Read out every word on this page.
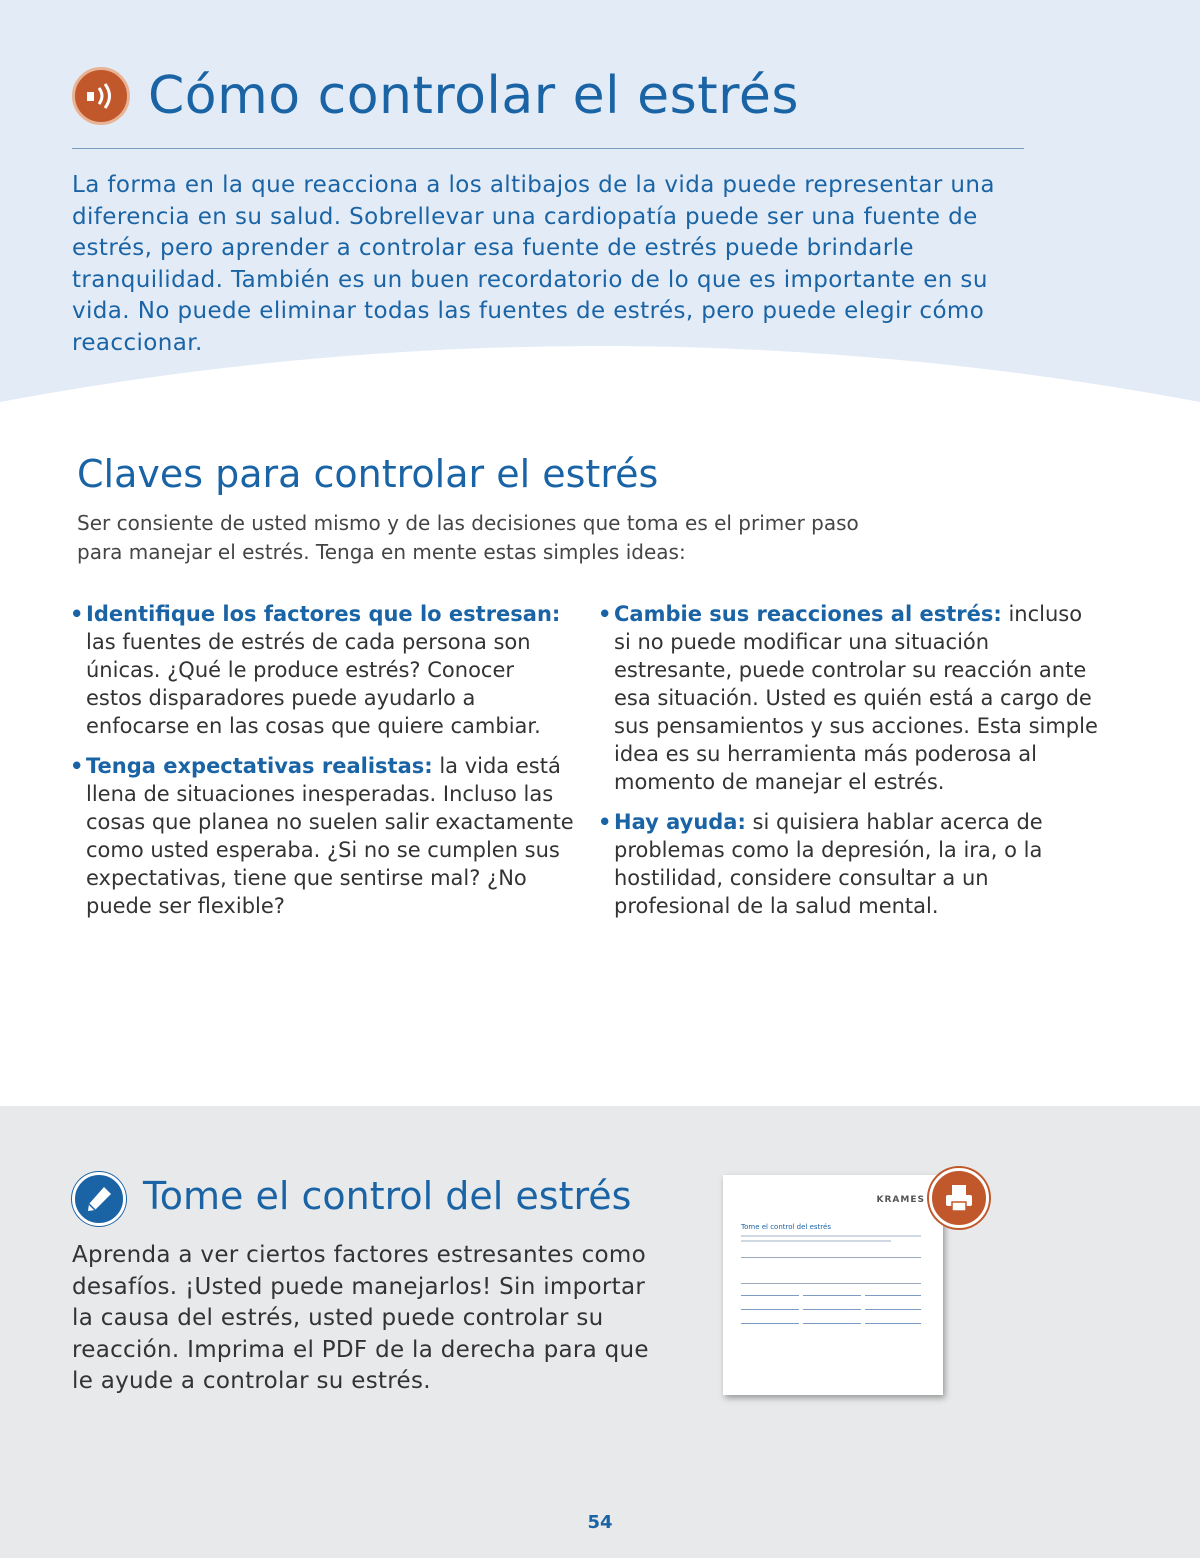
Cómo controlar el estrés

La forma en la que reacciona a los altibajos de la vida puede representar una diferencia en su salud. Sobrellevar una cardiopatía puede ser una fuente de estrés, pero aprender a controlar esa fuente de estrés puede brindarle tranquilidad. También es un buen recordatorio de lo que es importante en su vida. No puede eliminar todas las fuentes de estrés, pero puede elegir cómo reaccionar.

Claves para controlar el estrés

Ser consiente de usted mismo y de las decisiones que toma es el primer paso para manejar el estrés. Tenga en mente estas simples ideas:

• Identifique los factores que lo estresan: las fuentes de estrés de cada persona son únicas. ¿Qué le produce estrés? Conocer estos disparadores puede ayudarlo a enfocarse en las cosas que quiere cambiar.
• Tenga expectativas realistas: la vida está llena de situaciones inesperadas. Incluso las cosas que planea no suelen salir exactamente como usted esperaba. ¿Si no se cumplen sus expectativas, tiene que sentirse mal? ¿No puede ser flexible?
• Cambie sus reacciones al estrés: incluso si no puede modificar una situación estresante, puede controlar su reacción ante esa situación. Usted es quién está a cargo de sus pensamientos y sus acciones. Esta simple idea es su herramienta más poderosa al momento de manejar el estrés.
• Hay ayuda: si quisiera hablar acerca de problemas como la depresión, la ira, o la hostilidad, considere consultar a un profesional de la salud mental.
Tome el control del estrés

Aprenda a ver ciertos factores estresantes como desafíos. ¡Usted puede manejarlos! Sin importar la causa del estrés, usted puede controlar su reacción. Imprima el PDF de la derecha para que le ayude a controlar su estrés.

KRAMES
Tome el control del estrés
54
